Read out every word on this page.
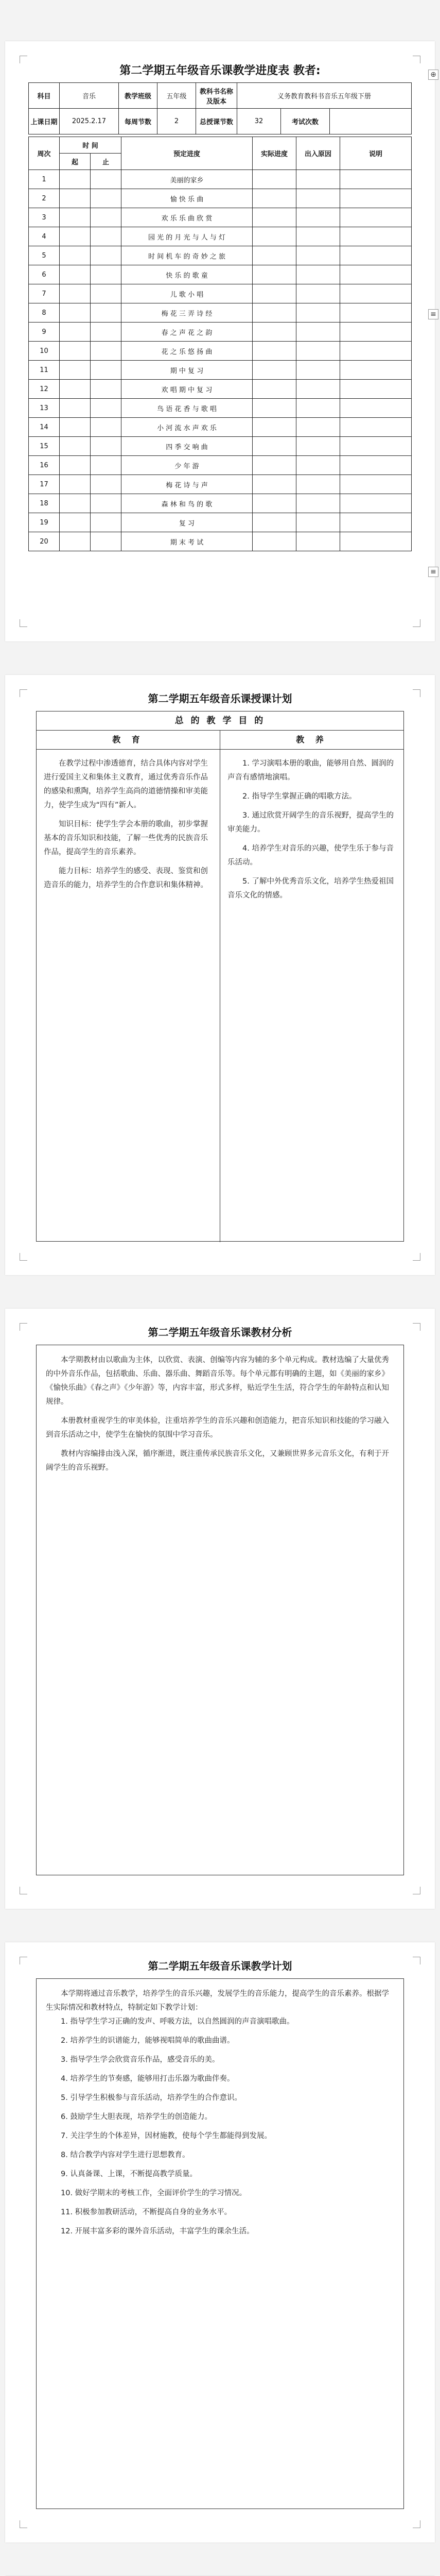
第二学期五年级音乐课教学进度表 教者:
科目	音乐	教学班级	五年级	教科书名称及版本	义务教育教科书音乐五年级下册		
上课日期	2025.2.17	每周节数	2	总授课节数	32	考试次数	
周次	时 间		预定进度	实际进度	出入原因	说明
	起	止				
1			美丽的家乡			
2			愉 快 乐 曲			
3			欢 乐 乐 曲 欣 赏			
4			园 光 的 月 光 与 人 与 灯			
5			时 间 机 车 的 奇 妙 之 旅			
6			快 乐 的 歌 童			
7			儿 歌 小 唱			
8			梅 花 三 弄 诗 经			
9			春 之 声 花 之 韵			
10			花 之 乐 悠 扬 曲			
11			期 中 复 习			
12			欢 唱 期 中 复 习			
13			鸟 语 花 香 与 歌 唱			
14			小 河 流 水 声 欢 乐			
15			四 季 交 响 曲			
16			少 年 游			
17			梅 花 诗 与 声			
18			森 林 和 鸟 的 歌			
19			复 习			
20			期 末 考 试			
⊕
≡
≡
第二学期五年级音乐课授课计划
总 的 教 学 目 的
教 育	教 养

在教学过程中渗透德育，结合具体内容对学生进行爱国主义和集体主义教育，通过优秀音乐作品的感染和熏陶，培养学生高尚的道德情操和审美能力，使学生成为“四有”新人。

知识目标：使学生学会本册的歌曲，初步掌握基本的音乐知识和技能，了解一些优秀的民族音乐作品，提高学生的音乐素养。

能力目标：培养学生的感受、表现、鉴赏和创造音乐的能力，培养学生的合作意识和集体精神。

1. 学习演唱本册的歌曲，能够用自然、圆润的声音有感情地演唱。

2. 指导学生掌握正确的唱歌方法。

3. 通过欣赏开阔学生的音乐视野，提高学生的审美能力。

4. 培养学生对音乐的兴趣，使学生乐于参与音乐活动。

5. 了解中外优秀音乐文化，培养学生热爱祖国音乐文化的情感。

第二学期五年级音乐课教材分析

本学期教材由以歌曲为主体，以欣赏、表演、创编等内容为辅的多个单元构成。教材选编了大量优秀的中外音乐作品，包括歌曲、乐曲、器乐曲、舞蹈音乐等。每个单元都有明确的主题，如《美丽的家乡》《愉快乐曲》《春之声》《少年游》等，内容丰富，形式多样，贴近学生生活，符合学生的年龄特点和认知规律。

本册教材重视学生的审美体验，注重培养学生的音乐兴趣和创造能力，把音乐知识和技能的学习融入到音乐活动之中，使学生在愉快的氛围中学习音乐。

教材内容编排由浅入深，循序渐进，既注重传承民族音乐文化，又兼顾世界多元音乐文化，有利于开阔学生的音乐视野。

第二学期五年级音乐课教学计划

本学期将通过音乐教学，培养学生的音乐兴趣，发展学生的音乐能力，提高学生的音乐素养。根据学生实际情况和教材特点，特制定如下教学计划：

1. 指导学生学习正确的发声、呼吸方法，以自然圆润的声音演唱歌曲。

2. 培养学生的识谱能力，能够视唱简单的歌曲曲谱。

3. 指导学生学会欣赏音乐作品，感受音乐的美。

4. 培养学生的节奏感，能够用打击乐器为歌曲伴奏。

5. 引导学生积极参与音乐活动，培养学生的合作意识。

6. 鼓励学生大胆表现，培养学生的创造能力。

7. 关注学生的个体差异，因材施教，使每个学生都能得到发展。

8. 结合教学内容对学生进行思想教育。

9. 认真备课、上课，不断提高教学质量。

10. 做好学期末的考核工作，全面评价学生的学习情况。

11. 积极参加教研活动，不断提高自身的业务水平。

12. 开展丰富多彩的课外音乐活动，丰富学生的课余生活。
